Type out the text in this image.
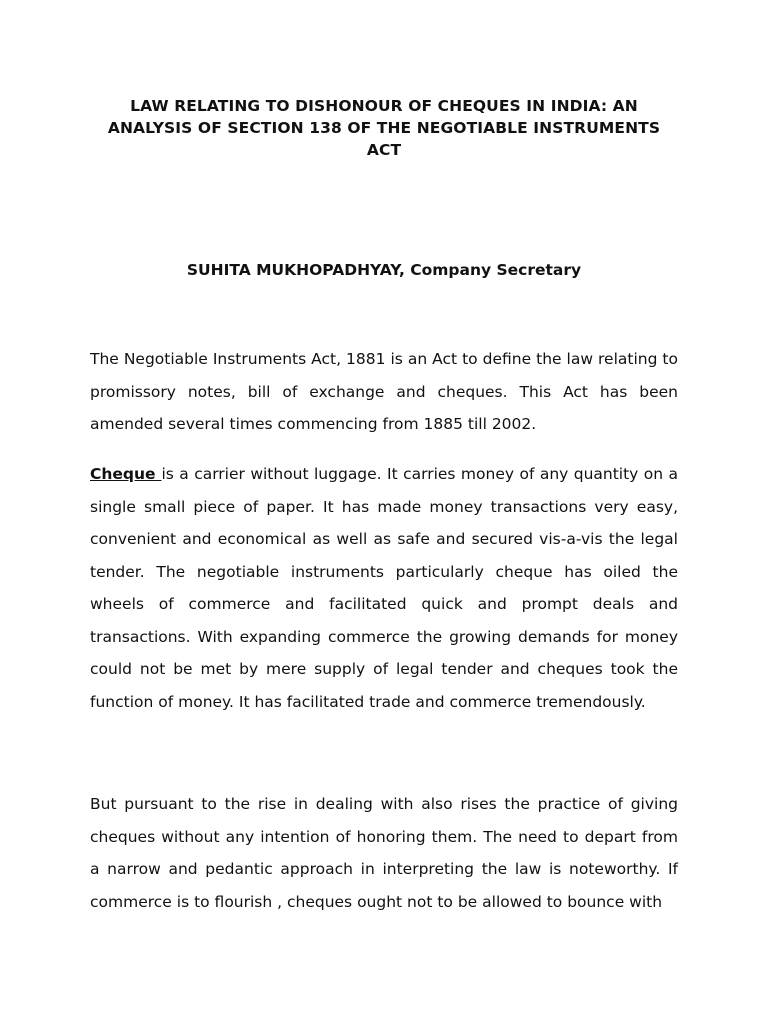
LAW RELATING TO DISHONOUR OF CHEQUES IN INDIA: AN ANALYSIS OF SECTION 138 OF THE NEGOTIABLE INSTRUMENTS ACT
SUHITA MUKHOPADHYAY, Company Secretary

The Negotiable Instruments Act, 1881 is an Act to define the law relating to promissory notes, bill of exchange and cheques. This Act has been amended several times commencing from 1885 till 2002.

Cheque is a carrier without luggage. It carries money of any quantity on a single small piece of paper. It has made money transactions very easy, convenient and economical as well as safe and secured vis-a-vis the legal tender. The negotiable instruments particularly cheque has oiled the wheels of commerce and facilitated quick and prompt deals and transactions. With expanding commerce the growing demands for money could not be met by mere supply of legal tender and cheques took the function of money. It has facilitated trade and commerce tremendously.

But pursuant to the rise in dealing with also rises the practice of giving cheques without any intention of honoring them. The need to depart from a narrow and pedantic approach in interpreting the law is noteworthy. If commerce is to flourish , cheques ought not to be allowed to bounce with
